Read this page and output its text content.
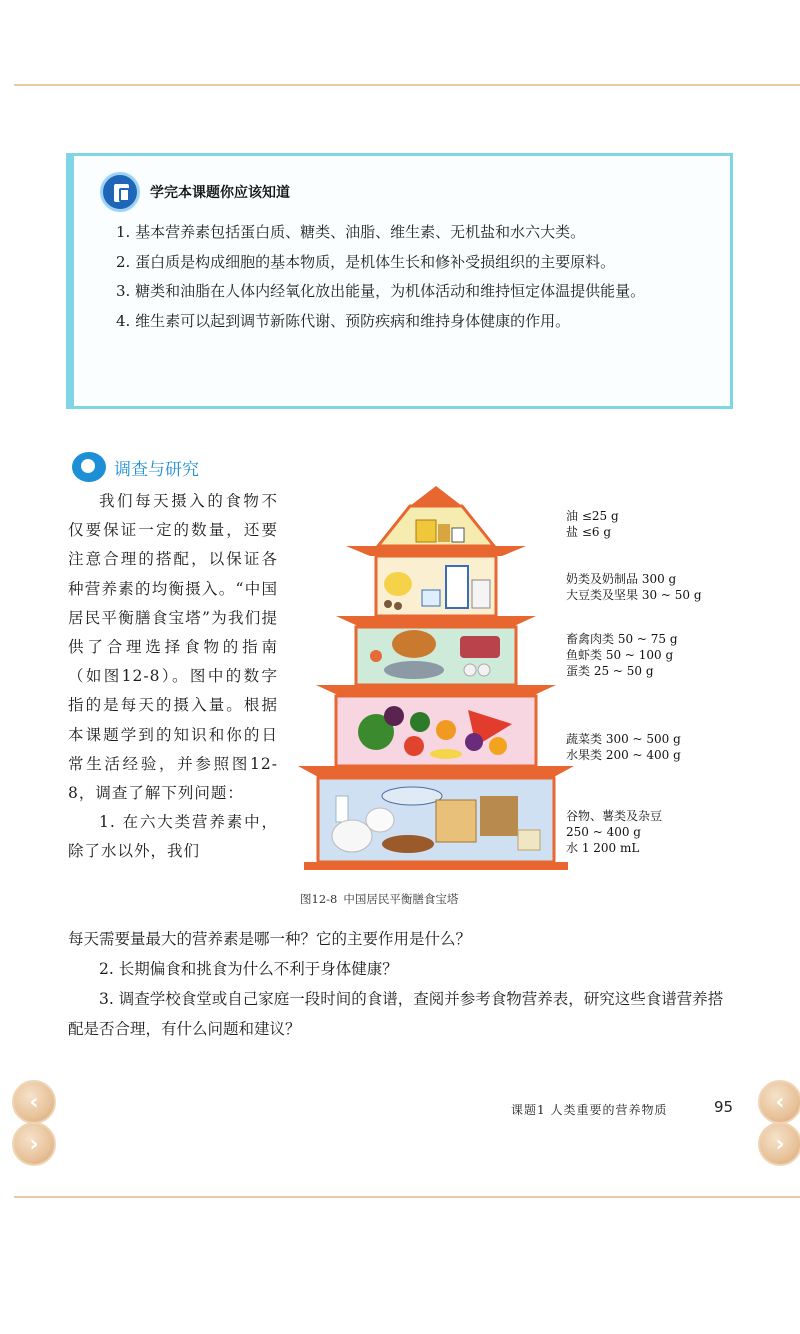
学完本课题你应该知道

1. 基本营养素包括蛋白质、糖类、油脂、维生素、无机盐和水六大类。

2. 蛋白质是构成细胞的基本物质，是机体生长和修补受损组织的主要原料。

3. 糖类和油脂在人体内经氧化放出能量，为机体活动和维持恒定体温提供能量。

4. 维生素可以起到调节新陈代谢、预防疾病和维持身体健康的作用。

调查与研究

我们每天摄入的食物不仅要保证一定的数量，还要注意合理的搭配，以保证各种营养素的均衡摄入。“中国居民平衡膳食宝塔”为我们提供了合理选择食物的指南（如图12-8）。图中的数字指的是每天的摄入量。根据本课题学到的知识和你的日常生活经验，并参照图12-8，调查了解下列问题：

1. 在六大类营养素中，除了水以外，我们

油 ≤25 g
盐 ≤6 g
奶类及奶制品 300 g
大豆类及坚果 30 ~ 50 g
畜禽肉类 50 ~ 75 g
鱼虾类 50 ~ 100 g
蛋类 25 ~ 50 g
蔬菜类 300 ~ 500 g
水果类 200 ~ 400 g
谷物、薯类及杂豆
250 ~ 400 g
水 1 200 mL
图12-8 中国居民平衡膳食宝塔

每天需要量最大的营养素是哪一种？它的主要作用是什么？

2. 长期偏食和挑食为什么不利于身体健康？

3. 调查学校食堂或自己家庭一段时间的食谱，查阅并参考食物营养表，研究这些食谱营养搭配是否合理，有什么问题和建议？

‹
›
‹
›
课题1 人类重要的营养物质	95
